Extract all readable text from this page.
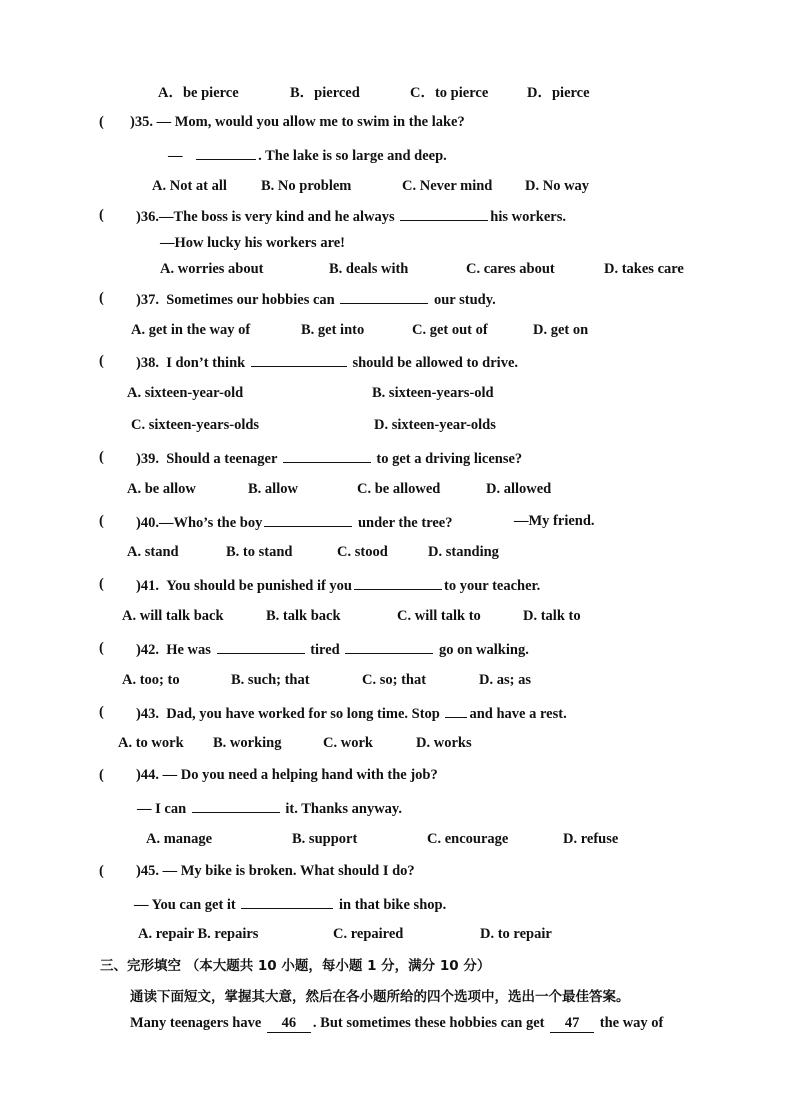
A．be pierce	B．pierced	C．to pierce	D．pierce
( )35. — Mom, would you allow me to swim in the lake?
—	. The lake is so large and deep.
A. Not at all B. No problem	C. Never mind D. No way
( )36.—The boss is very kind and he always	his workers.
—How lucky his workers are!
A. worries about	B. deals with	C. cares about	D. takes care
( )37. Sometimes our hobbies can	our study.
A. get in the way of	B. get into	C. get out of	D. get on
( )38. I don’t think	should be allowed to drive.
A. sixteen-year-old	B. sixteen-years-old
C. sixteen-years-olds	D. sixteen-year-olds
( )39. Should a teenager	to get a driving license?
A. be allow	B. allow	C. be allowed	D. allowed
( )40.—Who’s the boy	under the tree?	—My friend.
A. stand	B. to stand	C. stood	D. standing
( )41. You should be punished if you	to your teacher.
A. will talk back	B. talk back	C. will talk to	D. talk to
( )42. He was	tired	go on walking.
A. too; to	B. such; that	C. so; that	D. as; as
( )43. Dad, you have worked for so long time. Stop and have a rest.
A. to work B. working	C. work	D. works
( )44. — Do you need a helping hand with the job?
— I can	it. Thanks anyway.
A. manage	B. support	C. encourage	D. refuse
( )45. — My bike is broken. What should I do?
— You can get it	in that bike shop.
A. repair B. repairs	C. repaired	D. to repair
三、完形填空 （本大题共 10 小题，每小题 1 分，满分 10 分）
通读下面短文，掌握其大意，然后在各小题所给的四个选项中，选出一个最佳答案。
Many teenagers have 46 . But sometimes these hobbies can get 47 the way of
